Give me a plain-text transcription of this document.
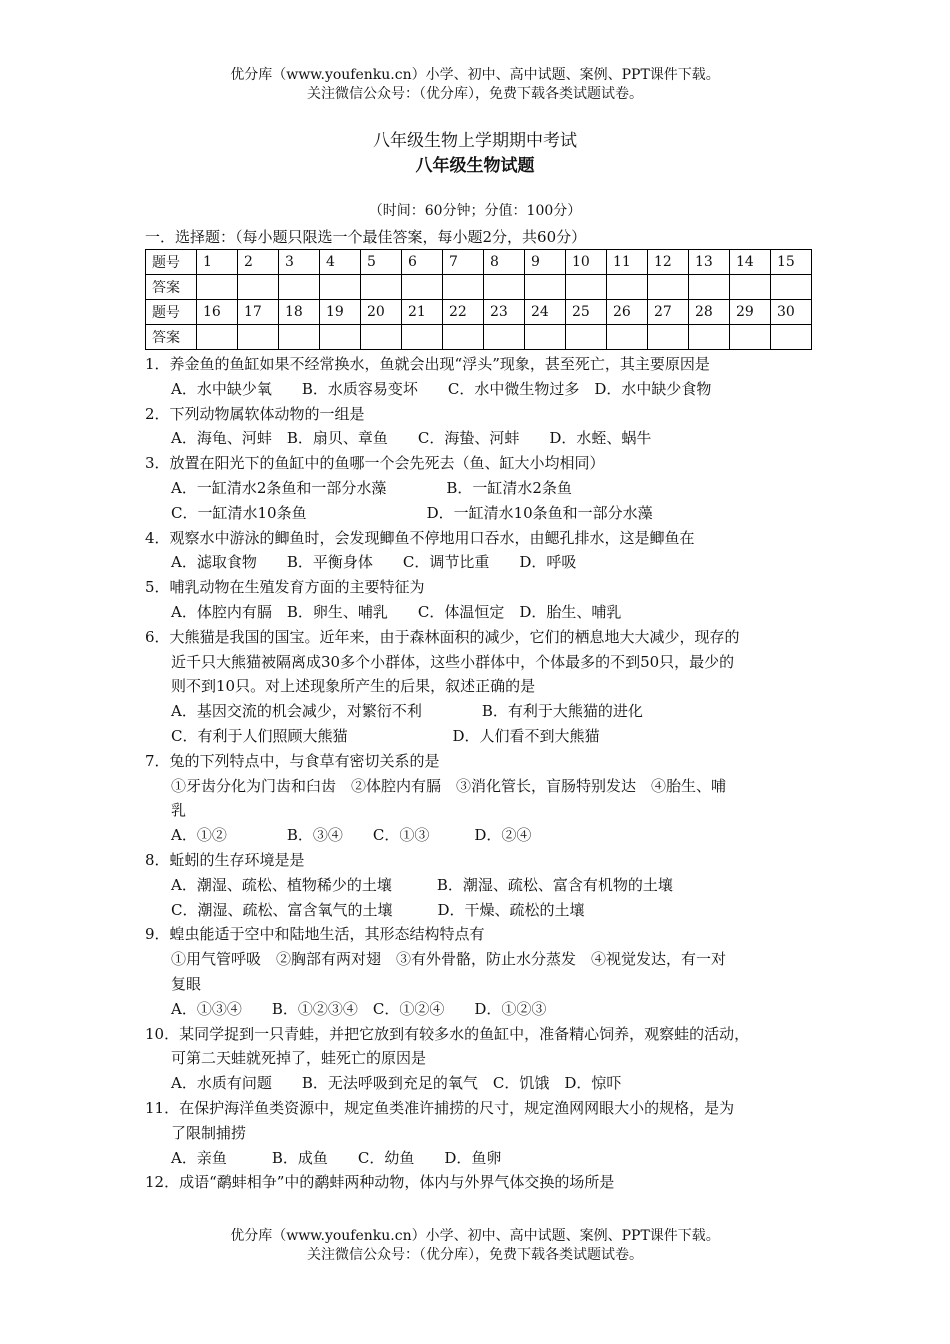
优分库（www.youfenku.cn）小学、初中、高中试题、案例、PPT课件下载。
关注微信公众号：（优分库），免费下载各类试题试卷。
八年级生物上学期期中考试
八年级生物试题
（时间：60分钟；分值：100分）
一．选择题：（每小题只限选一个最佳答案，每小题2分，共60分）
题号	1	2	3	4	5	6	7	8	9	10	11	12	13	14	15
答案															
题号	16	17	18	19	20	21	22	23	24	25	26	27	28	29	30
答案															
1． 养金鱼的鱼缸如果不经常换水，鱼就会出现“浮头”现象，甚至死亡，其主要原因是
A．水中缺少氧　　B．水质容易变坏　　C．水中微生物过多　D．水中缺少食物
2． 下列动物属软体动物的一组是
A．海龟、河蚌　B．扇贝、章鱼　　C．海蛰、河蚌　　D．水蛭、蜗牛
3． 放置在阳光下的鱼缸中的鱼哪一个会先死去（鱼、缸大小均相同）
A．一缸清水2条鱼和一部分水藻　　　　B．一缸清水2条鱼
C．一缸清水10条鱼　　　　　　　　D．一缸清水10条鱼和一部分水藻
4． 观察水中游泳的鲫鱼时，会发现鲫鱼不停地用口吞水，由鳃孔排水，这是鲫鱼在
A．滤取食物　　B．平衡身体　　C．调节比重　　D．呼吸
5． 哺乳动物在生殖发育方面的主要特征为
A．体腔内有膈　B．卵生、哺乳　　C．体温恒定　D．胎生、哺乳
6． 大熊猫是我国的国宝。近年来，由于森林面积的减少，它们的栖息地大大减少，现存的
近千只大熊猫被隔离成30多个小群体，这些小群体中，个体最多的不到50只，最少的
则不到10只。对上述现象所产生的后果，叙述正确的是
A．基因交流的机会减少，对繁衍不利　　　　B．有利于大熊猫的进化
C．有利于人们照顾大熊猫　　　　　　　D．人们看不到大熊猫
7． 兔的下列特点中，与食草有密切关系的是
①牙齿分化为门齿和臼齿　②体腔内有膈　③消化管长，盲肠特别发达　④胎生、哺
乳
A．①②　　　　B．③④　　C．①③　　　D．②④
8． 蚯蚓的生存环境是是
A．潮湿、疏松、植物稀少的土壤　　　B．潮湿、疏松、富含有机物的土壤
C．潮湿、疏松、富含氧气的土壤　　　D．干燥、疏松的土壤
9． 蝗虫能适于空中和陆地生活，其形态结构特点有
①用气管呼吸　②胸部有两对翅　③有外骨骼，防止水分蒸发　④视觉发达，有一对
复眼
A．①③④　　B．①②③④　C．①②④　　D．①②③
10． 某同学捉到一只青蛙，并把它放到有较多水的鱼缸中，准备精心饲养，观察蛙的活动，
可第二天蛙就死掉了，蛙死亡的原因是
A．水质有问题　　B．无法呼吸到充足的氧气　C．饥饿　D．惊吓
11． 在保护海洋鱼类资源中，规定鱼类准许捕捞的尺寸，规定渔网网眼大小的规格，是为
了限制捕捞
A．亲鱼　　　B．成鱼　　C．幼鱼　　D．鱼卵
12． 成语“鹬蚌相争”中的鹬蚌两种动物，体内与外界气体交换的场所是
优分库（www.youfenku.cn）小学、初中、高中试题、案例、PPT课件下载。
关注微信公众号：（优分库），免费下载各类试题试卷。
